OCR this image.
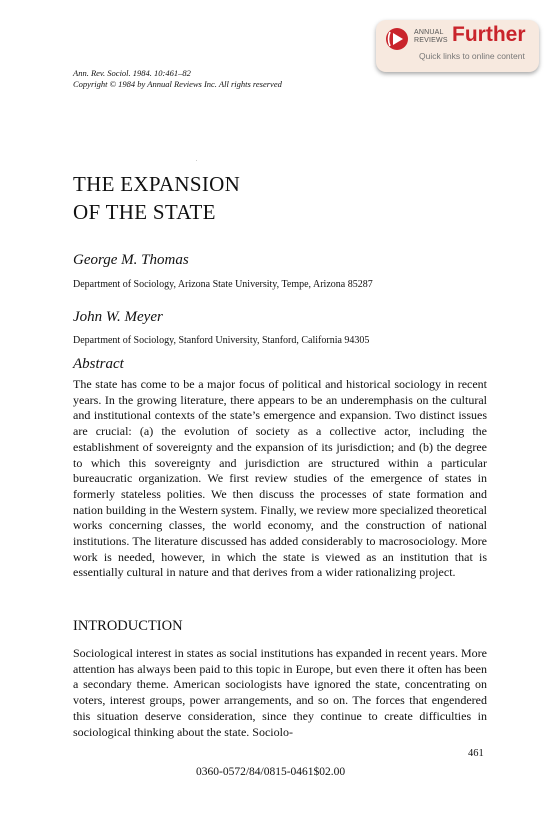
ANNUAL
REVIEWS Further
Quick links to online content
Ann. Rev. Sociol. 1984. 10:461–82
Copyright © 1984 by Annual Reviews Inc. All rights reserved
THE EXPANSION
OF THE STATE
George M. Thomas
Department of Sociology, Arizona State University, Tempe, Arizona 85287
John W. Meyer
Department of Sociology, Stanford University, Stanford, California 94305
Abstract
The state has come to be a major focus of political and historical sociology in recent years. In the growing literature, there appears to be an underemphasis on the cultural and institutional contexts of the state’s emergence and expansion. Two distinct issues are crucial: (a) the evolution of society as a collective actor, including the establishment of sovereignty and the expansion of its jurisdiction; and (b) the degree to which this sovereignty and jurisdiction are structured within a particular bureaucratic organization. We first review studies of the emergence of states in formerly stateless polities. We then discuss the processes of state formation and nation building in the Western system. Finally, we review more specialized theoretical works concerning classes, the world economy, and the construction of national institutions. The literature discussed has added considerably to macrosociology. More work is needed, however, in which the state is viewed as an institution that is essentially cultural in nature and that derives from a wider rationalizing project.
INTRODUCTION
Sociological interest in states as social institutions has expanded in recent years. More attention has always been paid to this topic in Europe, but even there it often has been a secondary theme. American sociologists have ignored the state, concentrating on voters, interest groups, power arrangements, and so on. The forces that engendered this situation deserve consideration, since they continue to create difficulties in sociological thinking about the state. Sociolo-
461
0360-0572/84/0815-0461$02.00
